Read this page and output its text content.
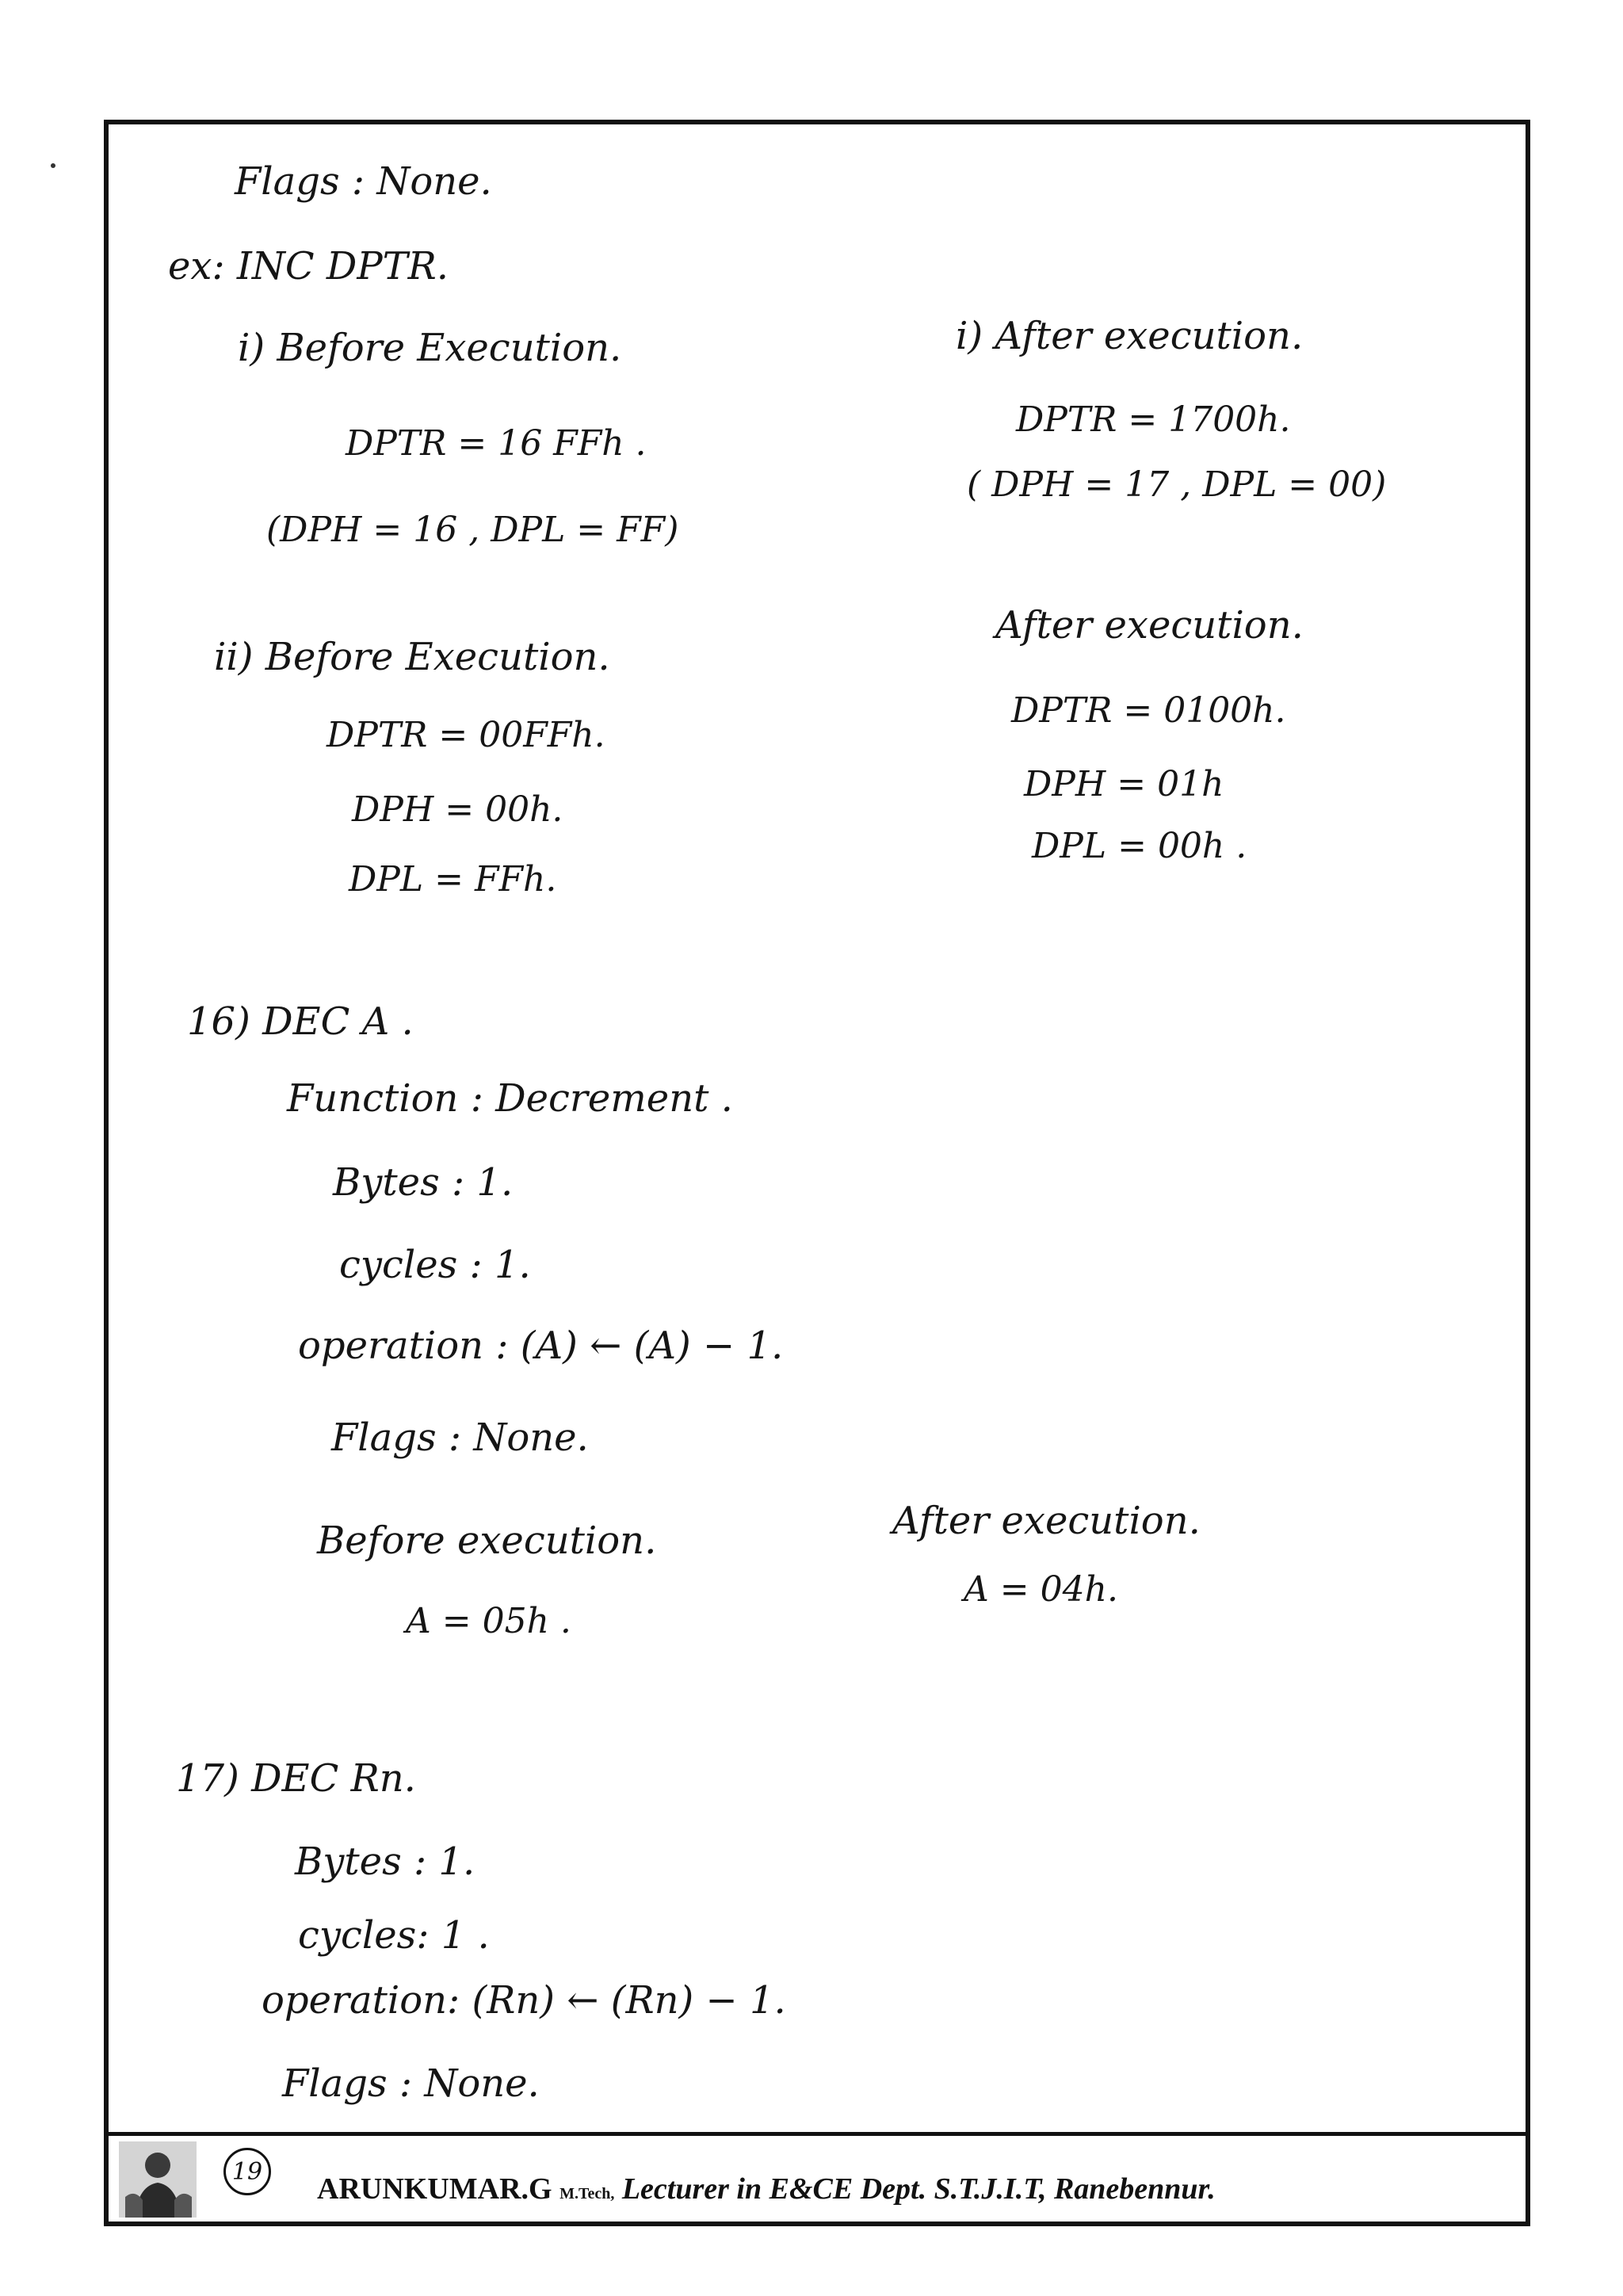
Flags : None.
ex: INC DPTR.
i) Before Execution.
DPTR = 16 FFh .
(DPH = 16 , DPL = FF)
ii) Before Execution.
DPTR = 00FFh.
DPH = 00h.
DPL = FFh.
i) After execution.
DPTR = 1700h.
( DPH = 17 , DPL = 00)
After execution.
DPTR = 0100h.
DPH = 01h
DPL = 00h .
16) DEC A .
Function : Decrement .
Bytes : 1.
cycles : 1.
operation : (A) ← (A) − 1.
Flags : None.
Before execution.
A = 05h .
After execution.
A = 04h.
17) DEC Rn.
Bytes : 1.
cycles: 1 .
operation: (Rn) ← (Rn) − 1.
Flags : None.
19
ARUNKUMAR.G M.Tech, Lecturer in E&CE Dept. S.T.J.I.T, Ranebennur.
